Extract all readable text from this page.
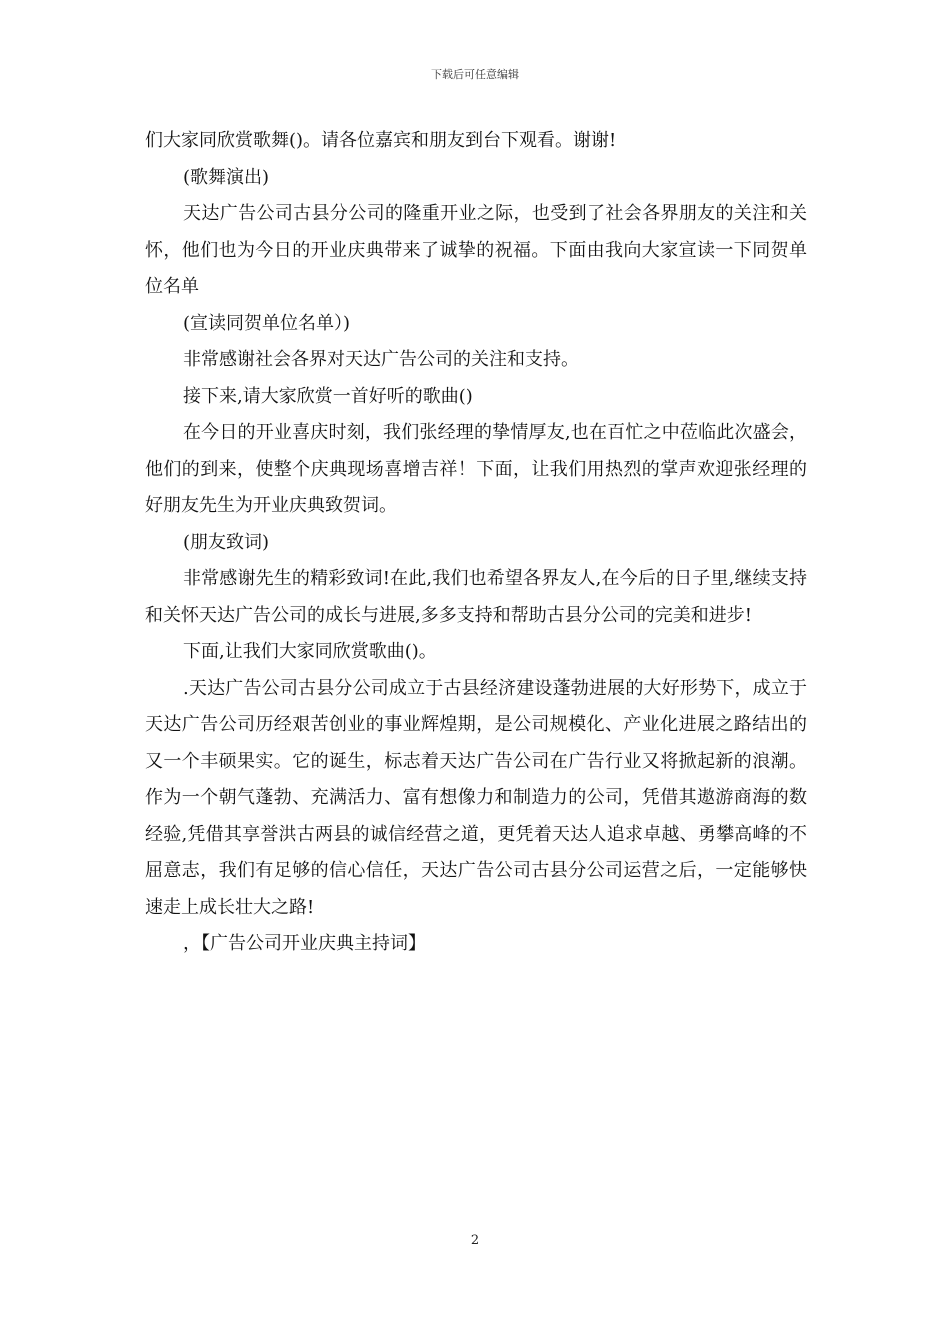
下载后可任意编辑

们大家同欣赏歌舞()。请各位嘉宾和朋友到台下观看。谢谢!

(歌舞演出)

天达广告公司古县分公司的隆重开业之际，也受到了社会各界朋友的关注和关怀，他们也为今日的开业庆典带来了诚挚的祝福。下面由我向大家宣读一下同贺单位名单

(宣读同贺单位名单）)

非常感谢社会各界对天达广告公司的关注和支持。

接下来,请大家欣赏一首好听的歌曲()

在今日的开业喜庆时刻，我们张经理的挚情厚友,也在百忙之中莅临此次盛会，他们的到来，使整个庆典现场喜增吉祥！下面，让我们用热烈的掌声欢迎张经理的好朋友先生为开业庆典致贺词。

(朋友致词)

非常感谢先生的精彩致词!在此,我们也希望各界友人,在今后的日子里,继续支持和关怀天达广告公司的成长与进展,多多支持和帮助古县分公司的完美和进步!

下面,让我们大家同欣赏歌曲()。

.天达广告公司古县分公司成立于古县经济建设蓬勃进展的大好形势下，成立于天达广告公司历经艰苦创业的事业辉煌期，是公司规模化、产业化进展之路结出的又一个丰硕果实。它的诞生，标志着天达广告公司在广告行业又将掀起新的浪潮。作为一个朝气蓬勃、充满活力、富有想像力和制造力的公司，凭借其遨游商海的数经验,凭借其享誉洪古两县的诚信经营之道，更凭着天达人追求卓越、勇攀高峰的不屈意志，我们有足够的信心信任，天达广告公司古县分公司运营之后，一定能够快速走上成长壮大之路!

，【广告公司开业庆典主持词】

2
